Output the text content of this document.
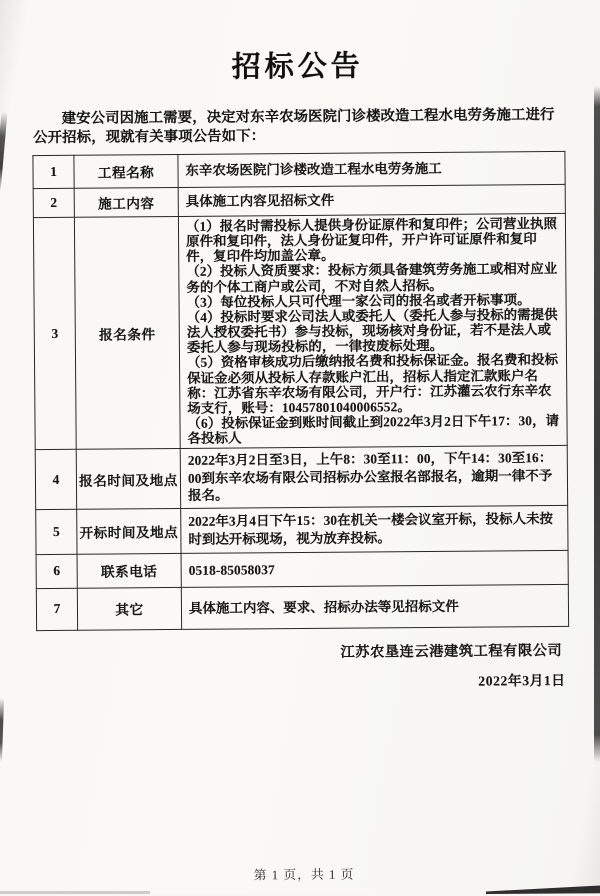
招标公告

建安公司因施工需要，决定对东辛农场医院门诊楼改造工程水电劳务施工进行公开招标，现就有关事项公告如下：

1	工程名称	东辛农场医院门诊楼改造工程水电劳务施工
2	施工内容	具体施工内容见招标文件
3	报名条件	（1）报名时需投标人提供身份证原件和复印件；公司营业执照原件和复印件，法人身份证复印件，开户许可证原件和复印件，复印件均加盖公章。
（2）投标人资质要求：投标方须具备建筑劳务施工或相对应业务的个体工商户或公司，不对自然人招标。
（3）每位投标人只可代理一家公司的报名或者开标事项。
（4）投标时要求公司法人或委托人（委托人参与投标的需提供法人授权委托书）参与投标，现场核对身份证，若不是法人或委托人参与现场投标的，一律按废标处理。
（5）资格审核成功后缴纳报名费和投标保证金。报名费和投标保证金必须从投标人存款账户汇出，招标人指定汇款账户名称：江苏省东辛农场有限公司，开户行：江苏灌云农行东辛农场支行，账号：10457801040006552。
（6）投标保证金到账时间截止到2022年3月2日下午17：30，请各投标人
4	报名时间及地点	2022年3月2日至3日，上午8：30至11：00，下午14：30至16：00到东辛农场有限公司招标办公室报名部报名，逾期一律不予报名。
5	开标时间及地点	2022年3月4日下午15：30在机关一楼会议室开标，投标人未按时到达开标现场，视为放弃投标。
6	联系电话	0518-85058037
7	其它	具体施工内容、要求、招标办法等见招标文件
江苏农垦连云港建筑工程有限公司
2022年3月1日
第 1 页，共 1 页
